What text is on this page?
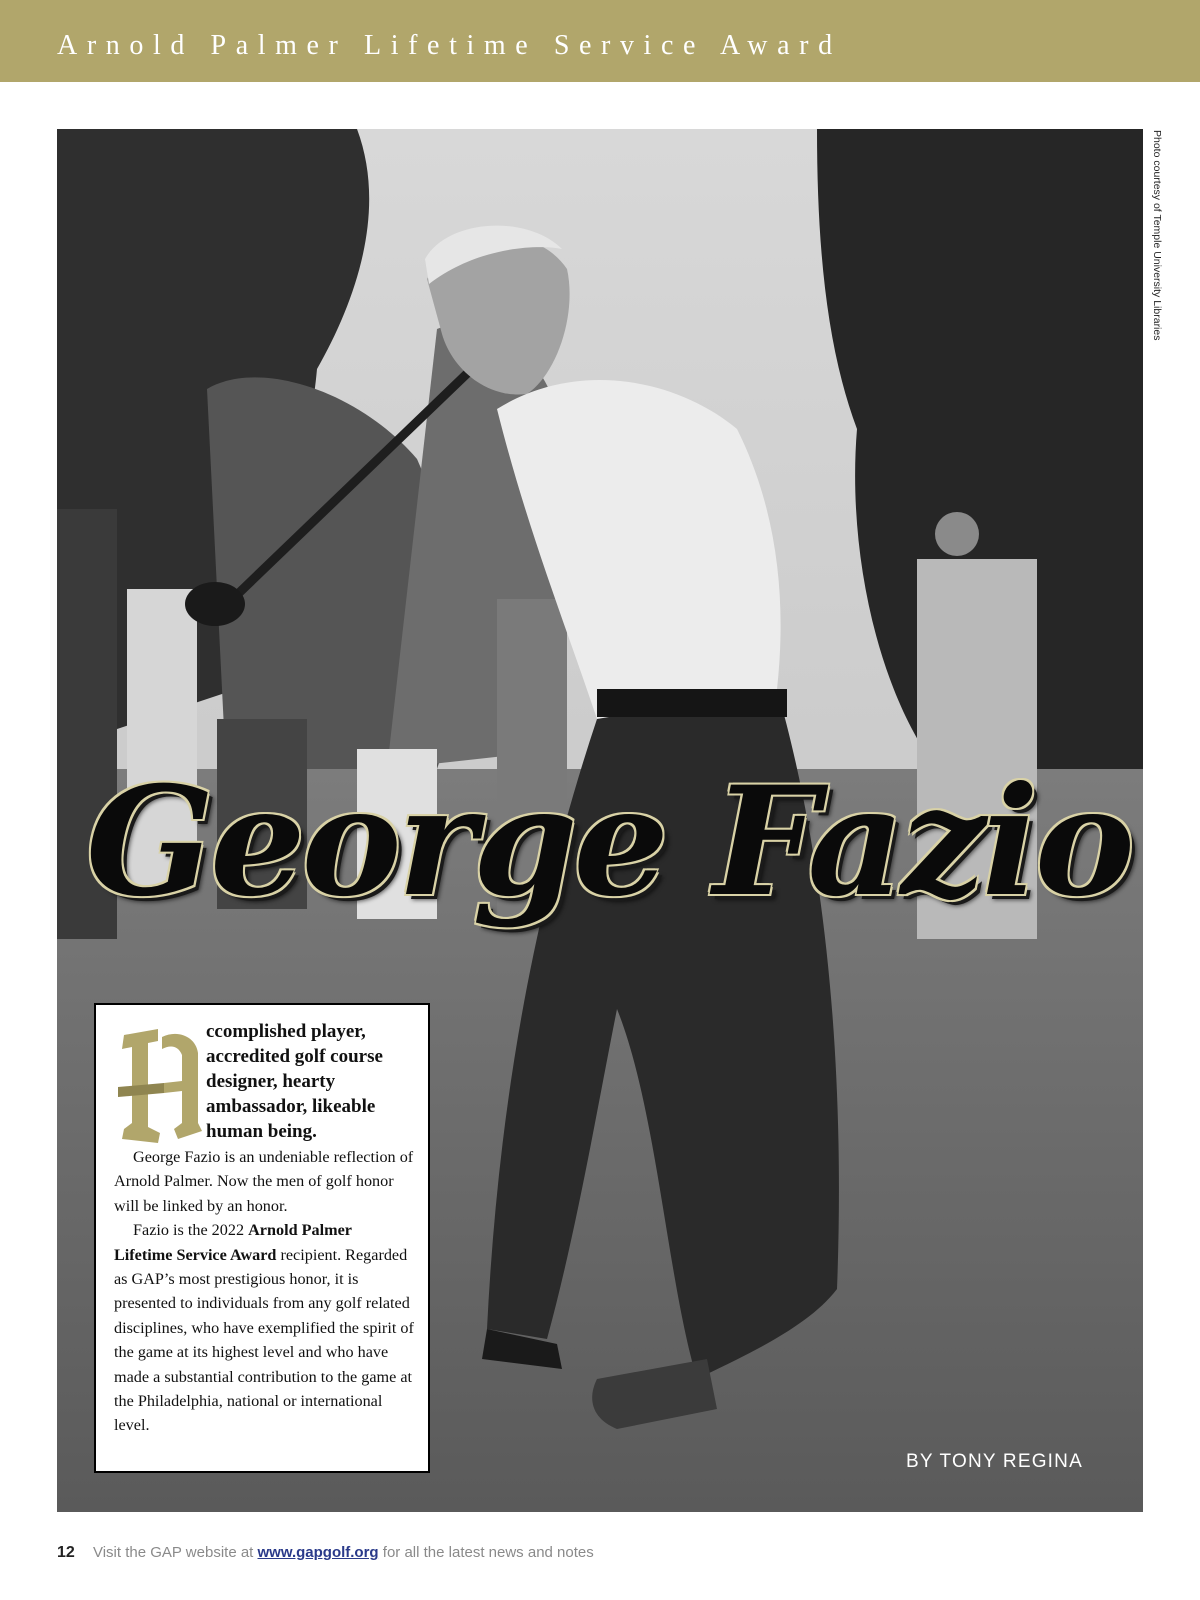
Arnold Palmer Lifetime Service Award
Photo courtesy of Temple University Libraries
George Fazio
ccomplished player, accredited golf course designer, hearty ambassador, likeable human being.

George Fazio is an undeniable reflection of Arnold Palmer. Now the men of golf honor will be linked by an honor.

Fazio is the 2022 Arnold Palmer Lifetime Service Award recipient. Regarded as GAP’s most prestigious honor, it is presented to individuals from any golf related disciplines, who have exemplified the spirit of the game at its highest level and who have made a substantial contribution to the game at the Philadelphia, national or international level.

BY TONY REGINA
12 Visit the GAP website at www.gapgolf.org for all the latest news and notes
